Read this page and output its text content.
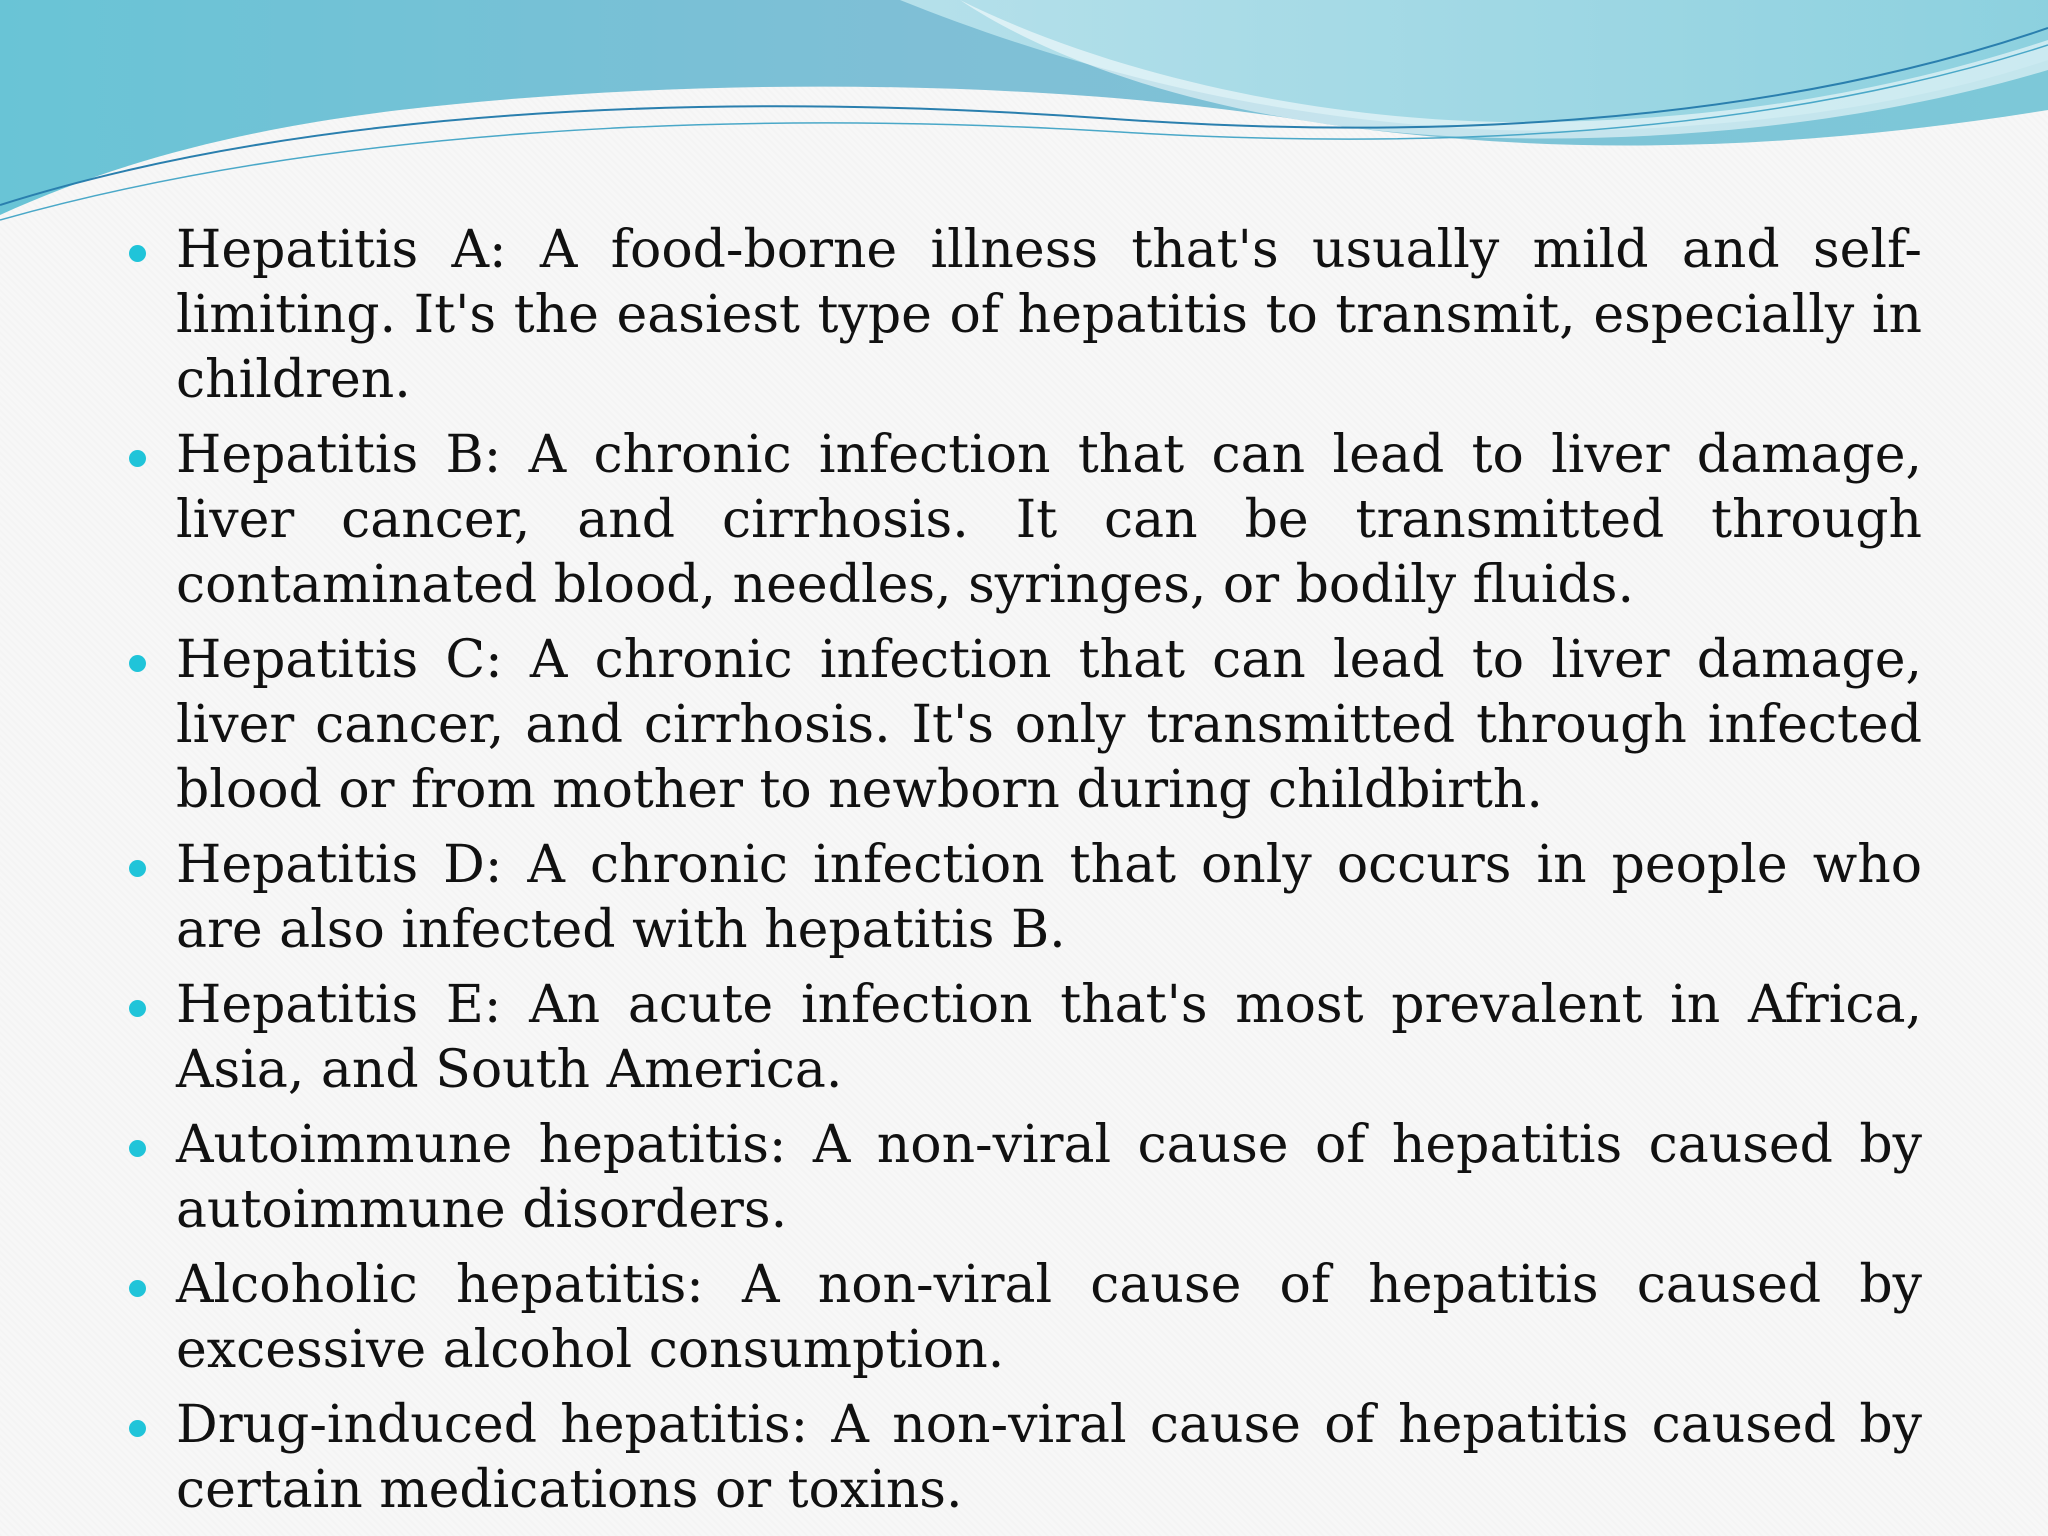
Hepatitis A: A food-borne illness that's usually mild and self-limiting. It's the easiest type of hepatitis to transmit, especially in children.
Hepatitis B: A chronic infection that can lead to liver damage, liver cancer, and cirrhosis. It can be transmitted through contaminated blood, needles, syringes, or bodily fluids.
Hepatitis C: A chronic infection that can lead to liver damage, liver cancer, and cirrhosis. It's only transmitted through infected blood or from mother to newborn during childbirth.
Hepatitis D: A chronic infection that only occurs in people who are also infected with hepatitis B.
Hepatitis E: An acute infection that's most prevalent in Africa, Asia, and South America.
Autoimmune hepatitis: A non-viral cause of hepatitis caused by autoimmune disorders.
Alcoholic hepatitis: A non-viral cause of hepatitis caused by excessive alcohol consumption.
Drug-induced hepatitis: A non-viral cause of hepatitis caused by certain medications or toxins.
